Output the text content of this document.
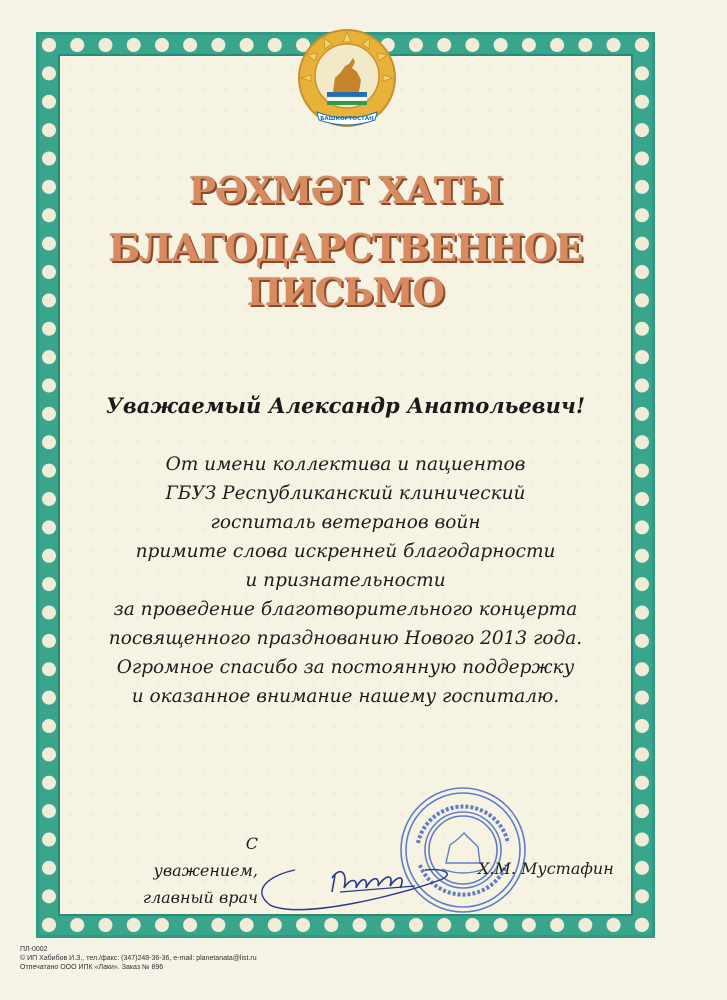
БАШКОРТОСТАН
РӘХМӘТ ХАТЫ
БЛАГОДАРСТВЕННОЕ
ПИСЬМО

Уважаемый Александр Анатольевич!

От имени коллектива и пациентов
ГБУЗ Республиканский клинический
госпиталь ветеранов войн
примите слова искренней благодарности
и признательности
за проведение благотворительного концерта
посвященного празднованию Нового 2013 года.
Огромное спасибо за постоянную поддержку
и оказанное внимание нашему госпиталю.
С уважением,
главный врач
Х.М. Мустафин
ПЛ-0002
© ИП Хабибов И.З., тел./факс: (347)248-36-36, e-mail: planetanata@list.ru
Отпечатано ООО ИПК «Лаки». Заказ № 896
